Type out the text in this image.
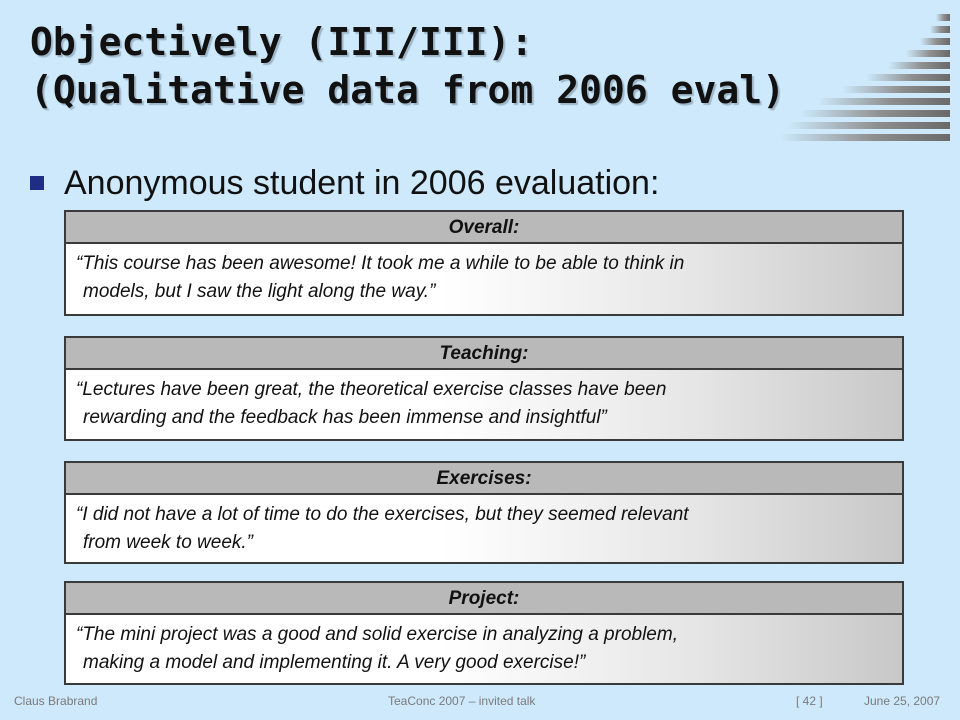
Objectively (III/III):
(Qualitative data from 2006 eval)
Anonymous student in 2006 evaluation:
Overall:
“This course has been awesome! It took me a while to be able to think in
models, but I saw the light along the way.”
Teaching:
“Lectures have been great, the theoretical exercise classes have been
rewarding and the feedback has been immense and insightful”
Exercises:
“I did not have a lot of time to do the exercises, but they seemed relevant
from week to week.”
Project:
“The mini project was a good and solid exercise in analyzing a problem,
making a model and implementing it. A very good exercise!”
Claus Brabrand	TeaConc 2007 – invited talk	[ 42 ]	June 25, 2007
